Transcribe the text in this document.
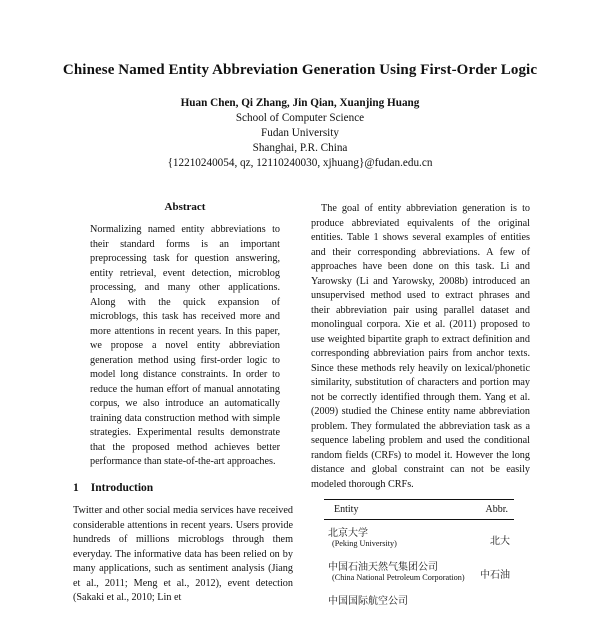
Chinese Named Entity Abbreviation Generation Using First-Order Logic
Huan Chen, Qi Zhang, Jin Qian, Xuanjing Huang
School of Computer Science
Fudan University
Shanghai, P.R. China
{12210240054, qz, 12110240030, xjhuang}@fudan.edu.cn
Abstract

Normalizing named entity abbreviations to their standard forms is an important preprocessing task for question answering, entity retrieval, event detection, microblog processing, and many other applications. Along with the quick expansion of microblogs, this task has received more and more attentions in recent years. In this paper, we propose a novel entity abbreviation generation method using first-order logic to model long distance constraints. In order to reduce the human effort of manual annotating corpus, we also introduce an automatically training data construction method with simple strategies. Experimental results demonstrate that the proposed method achieves better performance than state-of-the-art approaches.

1 Introduction

Twitter and other social media services have received considerable attentions in recent years. Users provide hundreds of millions microblogs through them everyday. The informative data has been relied on by many applications, such as sentiment analysis (Jiang et al., 2011; Meng et al., 2012), event detection (Sakaki et al., 2010; Lin et

The goal of entity abbreviation generation is to produce abbreviated equivalents of the original entities. Table 1 shows several examples of entities and their corresponding abbreviations. A few of approaches have been done on this task. Li and Yarowsky (Li and Yarowsky, 2008b) introduced an unsupervised method used to extract phrases and their abbreviation pair using parallel dataset and monolingual corpora. Xie et al. (2011) proposed to use weighted bipartite graph to extract definition and corresponding abbreviation pairs from anchor texts. Since these methods rely heavily on lexical/phonetic similarity, substitution of characters and portion may not be correctly identified through them. Yang et al. (2009) studied the Chinese entity name abbreviation problem. They formulated the abbreviation task as a sequence labeling problem and used the conditional random fields (CRFs) to model it. However the long distance and global constraint can not be easily modeled thorough CRFs.

Entity	Abbr.
北京大学
(Peking University)	北大
中国石油天然气集团公司
(China National Petroleum Corporation) 中石油
中国国际航空公司
